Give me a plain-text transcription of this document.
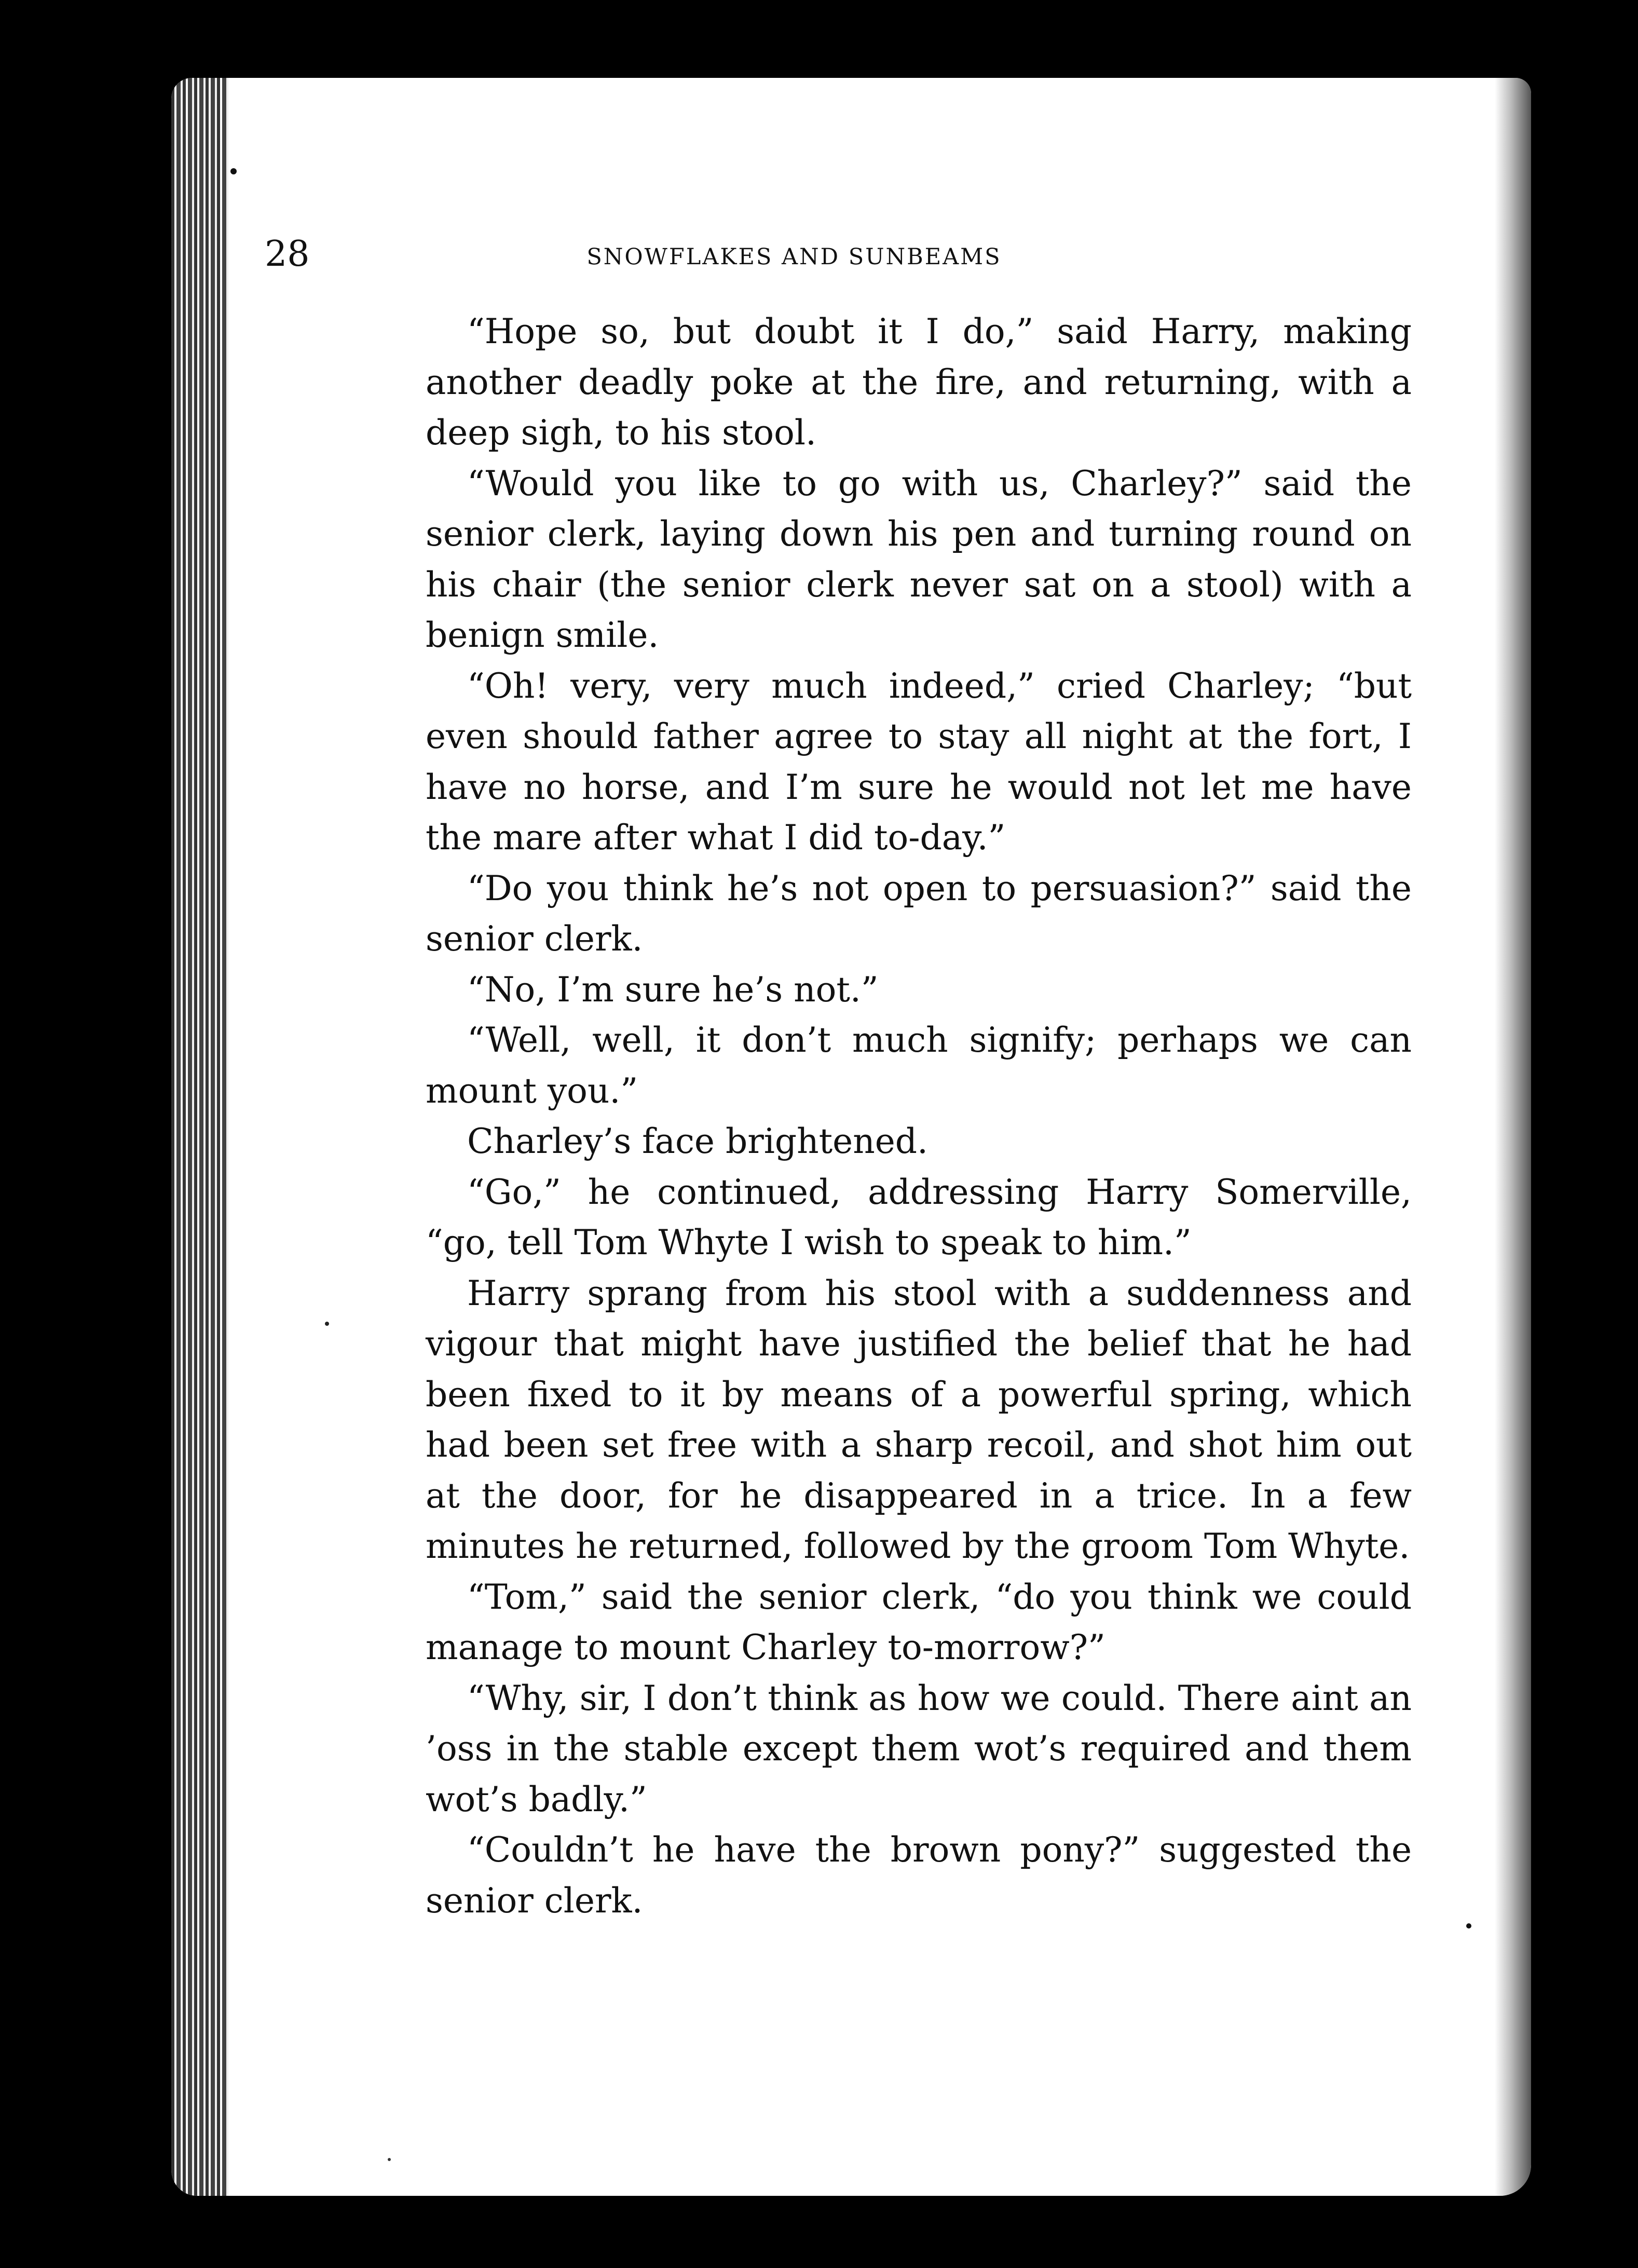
28	SNOWFLAKES AND SUNBEAMS

“Hope so, but doubt it I do,” said Harry, making another deadly poke at the fire, and returning, with a deep sigh, to his stool.

“Would you like to go with us, Charley?” said the senior clerk, laying down his pen and turning round on his chair (the senior clerk never sat on a stool) with a benign smile.

“Oh! very, very much indeed,” cried Charley; “but even should father agree to stay all night at the fort, I have no horse, and I’m sure he would not let me have the mare after what I did to-day.”

“Do you think he’s not open to persuasion?” said the senior clerk.

“No, I’m sure he’s not.”

“Well, well, it don’t much signify; perhaps we can mount you.”

Charley’s face brightened.

“Go,” he continued, addressing Harry Somerville, “go, tell Tom Whyte I wish to speak to him.”

Harry sprang from his stool with a suddenness and vigour that might have justified the belief that he had been fixed to it by means of a powerful spring, which had been set free with a sharp recoil, and shot him out at the door, for he disappeared in a trice. In a few minutes he returned, followed by the groom Tom Whyte.

“Tom,” said the senior clerk, “do you think we could manage to mount Charley to-morrow?”

“Why, sir, I don’t think as how we could. There aint an ’oss in the stable except them wot’s required and them wot’s badly.”

“Couldn’t he have the brown pony?” suggested the senior clerk.
